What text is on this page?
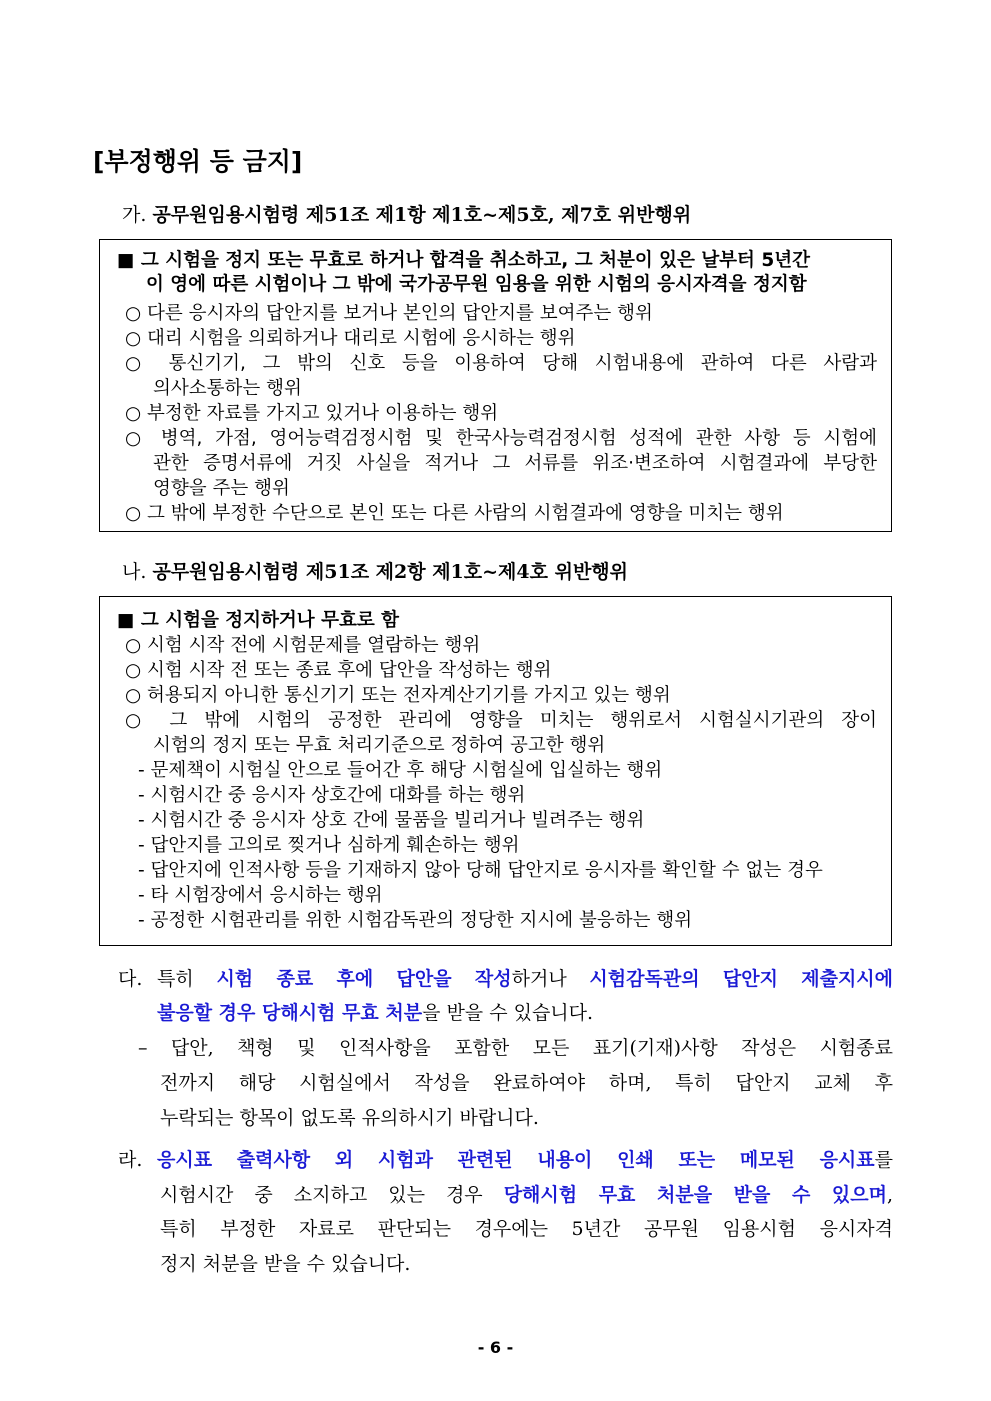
[부정행위 등 금지]
가. 공무원임용시험령 제51조 제1항 제1호~제5호, 제7호 위반행위
■ 그 시험을 정지 또는 무효로 하거나 합격을 취소하고, 그 처분이 있은 날부터 5년간
이 영에 따른 시험이나 그 밖에 국가공무원 임용을 위한 시험의 응시자격을 정지함
○ 다른 응시자의 답안지를 보거나 본인의 답안지를 보여주는 행위
○ 대리 시험을 의뢰하거나 대리로 시험에 응시하는 행위
○ 통신기기, 그 밖의 신호 등을 이용하여 당해 시험내용에 관하여 다른 사람과
의사소통하는 행위
○ 부정한 자료를 가지고 있거나 이용하는 행위
○ 병역, 가점, 영어능력검정시험 및 한국사능력검정시험 성적에 관한 사항 등 시험에
관한 증명서류에 거짓 사실을 적거나 그 서류를 위조·변조하여 시험결과에 부당한
영향을 주는 행위
○ 그 밖에 부정한 수단으로 본인 또는 다른 사람의 시험결과에 영향을 미치는 행위
나. 공무원임용시험령 제51조 제2항 제1호~제4호 위반행위
■ 그 시험을 정지하거나 무효로 함
○ 시험 시작 전에 시험문제를 열람하는 행위
○ 시험 시작 전 또는 종료 후에 답안을 작성하는 행위
○ 허용되지 아니한 통신기기 또는 전자계산기기를 가지고 있는 행위
○ 그 밖에 시험의 공정한 관리에 영향을 미치는 행위로서 시험실시기관의 장이
시험의 정지 또는 무효 처리기준으로 정하여 공고한 행위
- 문제책이 시험실 안으로 들어간 후 해당 시험실에 입실하는 행위
- 시험시간 중 응시자 상호간에 대화를 하는 행위
- 시험시간 중 응시자 상호 간에 물품을 빌리거나 빌려주는 행위
- 답안지를 고의로 찢거나 심하게 훼손하는 행위
- 답안지에 인적사항 등을 기재하지 않아 당해 답안지로 응시자를 확인할 수 없는 경우
- 타 시험장에서 응시하는 행위
- 공정한 시험관리를 위한 시험감독관의 정당한 지시에 불응하는 행위
다. 특히 시험 종료 후에 답안을 작성하거나 시험감독관의 답안지 제출지시에
불응할 경우 당해시험 무효 처분을 받을 수 있습니다.
– 답안, 책형 및 인적사항을 포함한 모든 표기(기재)사항 작성은 시험종료
전까지 해당 시험실에서 작성을 완료하여야 하며, 특히 답안지 교체 후
누락되는 항목이 없도록 유의하시기 바랍니다.
라. 응시표 출력사항 외 시험과 관련된 내용이 인쇄 또는 메모된 응시표를
시험시간 중 소지하고 있는 경우 당해시험 무효 처분을 받을 수 있으며,
특히 부정한 자료로 판단되는 경우에는 5년간 공무원 임용시험 응시자격
정지 처분을 받을 수 있습니다.
- 6 -
